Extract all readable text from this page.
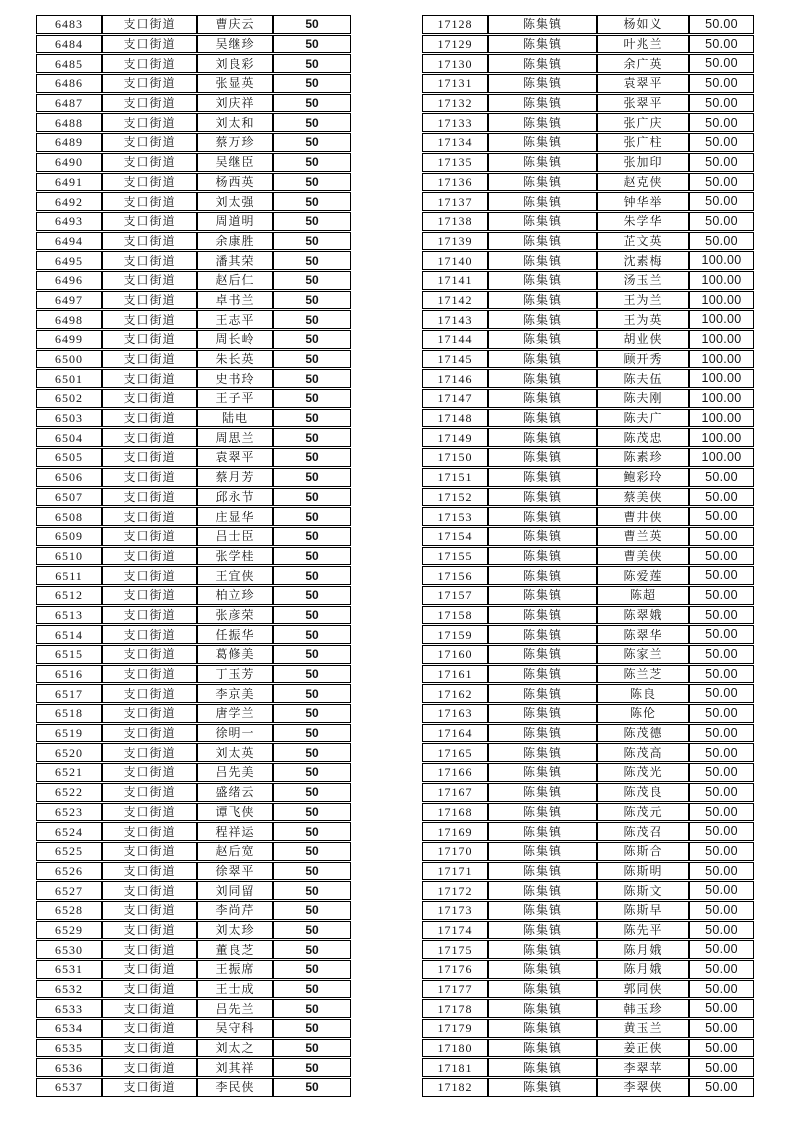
6483	支口街道	曹庆云	50
6484	支口街道	吴继珍	50
6485	支口街道	刘良彩	50
6486	支口街道	张显英	50
6487	支口街道	刘庆祥	50
6488	支口街道	刘太和	50
6489	支口街道	蔡万珍	50
6490	支口街道	吴继臣	50
6491	支口街道	杨西英	50
6492	支口街道	刘太强	50
6493	支口街道	周道明	50
6494	支口街道	余康胜	50
6495	支口街道	潘其荣	50
6496	支口街道	赵后仁	50
6497	支口街道	卓书兰	50
6498	支口街道	王志平	50
6499	支口街道	周长岭	50
6500	支口街道	朱长英	50
6501	支口街道	史书玲	50
6502	支口街道	王子平	50
6503	支口街道	陆电	50
6504	支口街道	周思兰	50
6505	支口街道	袁翠平	50
6506	支口街道	蔡月芳	50
6507	支口街道	邱永节	50
6508	支口街道	庄显华	50
6509	支口街道	吕士臣	50
6510	支口街道	张学桂	50
6511	支口街道	王宜侠	50
6512	支口街道	柏立珍	50
6513	支口街道	张彦荣	50
6514	支口街道	任振华	50
6515	支口街道	葛修美	50
6516	支口街道	丁玉芳	50
6517	支口街道	李京美	50
6518	支口街道	唐学兰	50
6519	支口街道	徐明一	50
6520	支口街道	刘太英	50
6521	支口街道	吕先美	50
6522	支口街道	盛绪云	50
6523	支口街道	谭飞侠	50
6524	支口街道	程祥运	50
6525	支口街道	赵后宽	50
6526	支口街道	徐翠平	50
6527	支口街道	刘同留	50
6528	支口街道	李尚芹	50
6529	支口街道	刘太珍	50
6530	支口街道	董良芝	50
6531	支口街道	王振席	50
6532	支口街道	王士成	50
6533	支口街道	吕先兰	50
6534	支口街道	吴守科	50
6535	支口街道	刘太之	50
6536	支口街道	刘其祥	50
6537	支口街道	李民侠	50
17128	陈集镇	杨如义	50.00
17129	陈集镇	叶兆兰	50.00
17130	陈集镇	余广英	50.00
17131	陈集镇	袁翠平	50.00
17132	陈集镇	张翠平	50.00
17133	陈集镇	张广庆	50.00
17134	陈集镇	张广柱	50.00
17135	陈集镇	张加印	50.00
17136	陈集镇	赵克侠	50.00
17137	陈集镇	钟华举	50.00
17138	陈集镇	朱学华	50.00
17139	陈集镇	芷文英	50.00
17140	陈集镇	沈素梅	100.00
17141	陈集镇	汤玉兰	100.00
17142	陈集镇	王为兰	100.00
17143	陈集镇	王为英	100.00
17144	陈集镇	胡业侠	100.00
17145	陈集镇	顾开秀	100.00
17146	陈集镇	陈夫伍	100.00
17147	陈集镇	陈夫刚	100.00
17148	陈集镇	陈夫广	100.00
17149	陈集镇	陈茂忠	100.00
17150	陈集镇	陈素珍	100.00
17151	陈集镇	鲍彩玲	50.00
17152	陈集镇	蔡美侠	50.00
17153	陈集镇	曹井侠	50.00
17154	陈集镇	曹兰英	50.00
17155	陈集镇	曹美侠	50.00
17156	陈集镇	陈爱莲	50.00
17157	陈集镇	陈超	50.00
17158	陈集镇	陈翠娥	50.00
17159	陈集镇	陈翠华	50.00
17160	陈集镇	陈家兰	50.00
17161	陈集镇	陈兰芝	50.00
17162	陈集镇	陈良	50.00
17163	陈集镇	陈伦	50.00
17164	陈集镇	陈茂德	50.00
17165	陈集镇	陈茂高	50.00
17166	陈集镇	陈茂光	50.00
17167	陈集镇	陈茂良	50.00
17168	陈集镇	陈茂元	50.00
17169	陈集镇	陈茂召	50.00
17170	陈集镇	陈斯合	50.00
17171	陈集镇	陈斯明	50.00
17172	陈集镇	陈斯文	50.00
17173	陈集镇	陈斯早	50.00
17174	陈集镇	陈先平	50.00
17175	陈集镇	陈月娥	50.00
17176	陈集镇	陈月娥	50.00
17177	陈集镇	郭同侠	50.00
17178	陈集镇	韩玉珍	50.00
17179	陈集镇	黄玉兰	50.00
17180	陈集镇	姜正侠	50.00
17181	陈集镇	李翠苹	50.00
17182	陈集镇	李翠侠	50.00
